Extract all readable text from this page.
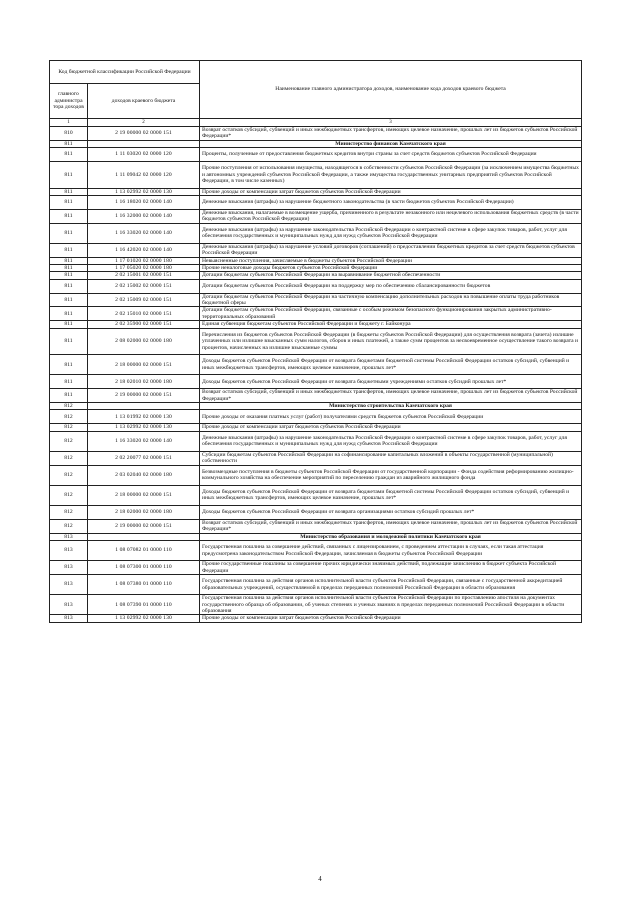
Код бюджетной классификации Российской Федерации		Наименование главного администратора доходов, наименование кода доходов краевого бюджета
главного администра тора доходов	доходов краевого бюджета	
1	2	3
810	2 19 00000 02 0000 151	Возврат остатков субсидий, субвенций и иных межбюджетных трансфертов, имеющих целевое назначение, прошлых лет из бюджетов субъектов Российской Федерации*
811		Министерство финансов Камчатского края
811	1 11 03020 02 0000 120	Проценты, полученные от предоставления бюджетных кредитов внутри страны за счет средств бюджетов субъектов Российской Федерации
811	1 11 09042 02 0000 120	Прочие поступления от использования имущества, находящегося в собственности субъектов Российской Федерации (за исключением имущества бюджетных и автономных учреждений субъектов Российской Федерации, а также имущества государственных унитарных предприятий субъектов Российской Федерации, в том числе казенных)
811	1 13 02992 02 0000 130	Прочие доходы от компенсации затрат бюджетов субъектов Российской Федерации
811	1 16 18020 02 0000 140	Денежные взыскания (штрафы) за нарушение бюджетного законодательства (в части бюджетов субъектов Российской Федерации)
811	1 16 32000 02 0000 140	Денежные взыскания, налагаемые в возмещение ущерба, причиненного в результате незаконного или нецелевого использования бюджетных средств (в части бюджетов субъектов Российской Федерации)
811	1 16 33020 02 0000 140	Денежные взыскания (штрафы) за нарушение законодательства Российской Федерации о контрактной системе в сфере закупок товаров, работ, услуг для обеспечения государственных и муниципальных нужд для нужд субъектов Российской Федерации
811	1 16 42020 02 0000 140	Денежные взыскания (штрафы) за нарушение условий договоров (соглашений) о предоставлении бюджетных кредитов за счет средств бюджетов субъектов Российской Федерации
811	1 17 01020 02 0000 180	Невыясненные поступления, зачисляемые в бюджеты субъектов Российской Федерации
811	1 17 05020 02 0000 180	Прочие неналоговые доходы бюджетов субъектов Российской Федерации
811	2 02 15001 02 0000 151	Дотации бюджетам субъектов Российской Федерации на выравнивание бюджетной обеспеченности
811	2 02 15002 02 0000 151	Дотации бюджетам субъектов Российской Федерации на поддержку мер по обеспечению сбалансированности бюджетов
811	2 02 15009 02 0000 151	Дотации бюджетам субъектов Российской Федерации на частичную компенсацию дополнительных расходов на повышение оплаты труда работников бюджетной сферы
811	2 02 15010 02 0000 151	Дотации бюджетам субъектов Российской Федерации, связанные с особым режимом безопасного функционирования закрытых административно-территориальных образований
811	2 02 35900 02 0000 151	Единая субвенция бюджетам субъектов Российской Федерации и бюджету г. Байконура
811	2 08 02000 02 0000 180	Перечисления из бюджетов субъектов Российской Федерации (в бюджеты субъектов Российской Федерации) для осуществления возврата (зачета) излишне уплаченных или излишне взысканных сумм налогов, сборов и иных платежей, а также сумм процентов за несвоевременное осуществление такого возврата и процентов, начисленных на излишне взысканные суммы
811	2 18 00000 02 0000 151	Доходы бюджетов субъектов Российской Федерации от возврата бюджетами бюджетной системы Российской Федерации остатков субсидий, субвенций и иных межбюджетных трансфертов, имеющих целевое назначение, прошлых лет*
811	2 18 02010 02 0000 180	Доходы бюджетов субъектов Российской Федерации от возврата бюджетными учреждениями остатков субсидий прошлых лет*
811	2 19 00000 02 0000 151	Возврат остатков субсидий, субвенций и иных межбюджетных трансфертов, имеющих целевое назначение, прошлых лет из бюджетов субъектов Российской Федерации*
812		Министерство строительства Камчатского края
812	1 13 01992 02 0000 130	Прочие доходы от оказания платных услуг (работ) получателями средств бюджетов субъектов Российской Федерации
812	1 13 02992 02 0000 130	Прочие доходы от компенсации затрат бюджетов субъектов Российской Федерации
812	1 16 33020 02 0000 140	Денежные взыскания (штрафы) за нарушение законодательства Российской Федерации о контрактной системе в сфере закупок товаров, работ, услуг для обеспечения государственных и муниципальных нужд для нужд субъектов Российской Федерации
812	2 02 20077 02 0000 151	Субсидии бюджетам субъектов Российской Федерации на софинансирование капитальных вложений в объекты государственной (муниципальной) собственности
812	2 03 02040 02 0000 180	Безвозмездные поступления в бюджеты субъектов Российской Федерации от государственной корпорации - Фонда содействия реформированию жилищно-коммунального хозяйства на обеспечение мероприятий по переселению граждан из аварийного жилищного фонда
812	2 18 00000 02 0000 151	Доходы бюджетов субъектов Российской Федерации от возврата бюджетами бюджетной системы Российской Федерации остатков субсидий, субвенций и иных межбюджетных трансфертов, имеющих целевое назначение, прошлых лет*
812	2 18 02000 02 0000 180	Доходы бюджетов субъектов Российской Федерации от возврата организациями остатков субсидий прошлых лет*
812	2 19 00000 02 0000 151	Возврат остатков субсидий, субвенций и иных межбюджетных трансфертов, имеющих целевое назначение, прошлых лет из бюджетов субъектов Российской Федерации*
813		Министерство образования и молодежной политики Камчатского края
813	1 08 07082 01 0000 110	Государственная пошлина за совершение действий, связанных с лицензированием, с проведением аттестации в случаях, если такая аттестация предусмотрена законодательством Российской Федерации, зачисляемая в бюджеты субъектов Российской Федерации
813	1 08 07300 01 0000 110	Прочие государственные пошлины за совершение прочих юридически значимых действий, подлежащие зачислению в бюджет субъекта Российской Федерации
813	1 08 07380 01 0000 110	Государственная пошлина за действия органов исполнительной власти субъектов Российской Федерации, связанные с государственной аккредитацией образовательных учреждений, осуществляемой в пределах переданных полномочий Российской Федерации в области образования
813	1 08 07390 01 0000 110	Государственная пошлина за действия органов исполнительной власти субъектов Российской Федерации по проставлению апостиля на документах государственного образца об образовании, об ученых степенях и ученых званиях в пределах переданных полномочий Российской Федерации в области образования
813	1 13 02992 02 0000 130	Прочие доходы от компенсации затрат бюджетов субъектов Российской Федерации
4
